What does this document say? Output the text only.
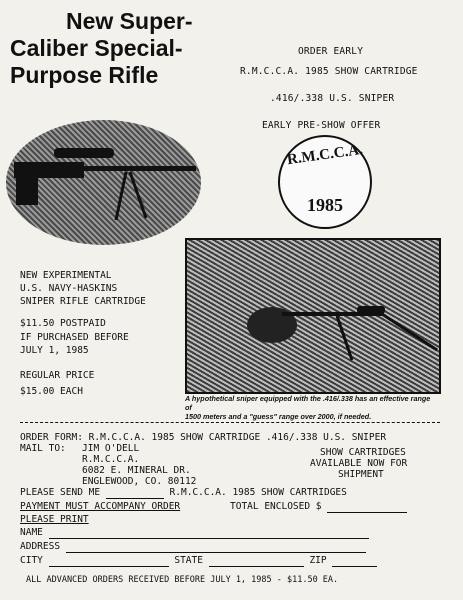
New Super-
Caliber Special-
Purpose Rifle
ORDER EARLY
R.M.C.C.A. 1985 SHOW CARTRIDGE
.416/.338 U.S. SNIPER
EARLY PRE-SHOW OFFER
R.M.C.C.A.
1985
NEW EXPERIMENTAL
U.S. NAVY-HASKINS
SNIPER RIFLE CARTRIDGE
$11.50 POSTPAID
IF PURCHASED BEFORE
JULY 1, 1985
REGULAR PRICE
$15.00 EACH
A hypothetical sniper equipped with the .416/.338 has an effective range of
1500 meters and a "guess" range over 2000, if needed.
ORDER FORM: R.M.C.C.A. 1985 SHOW CARTRIDGE .416/.338 U.S. SNIPER
MAIL TO: JIM O'DELL
R.M.C.C.A.
6082 E. MINERAL DR.
ENGLEWOOD, CO. 80112
SHOW CARTRIDGES
AVAILABLE NOW FOR
SHIPMENT
PLEASE SEND ME	R.M.C.C.A. 1985 SHOW CARTRIDGES
PAYMENT MUST ACCOMPANY ORDER	TOTAL ENCLOSED $
PLEASE PRINT
NAME
ADDRESS
CITY	STATE	ZIP
ALL ADVANCED ORDERS RECEIVED BEFORE JULY 1, 1985 - $11.50 EA.
